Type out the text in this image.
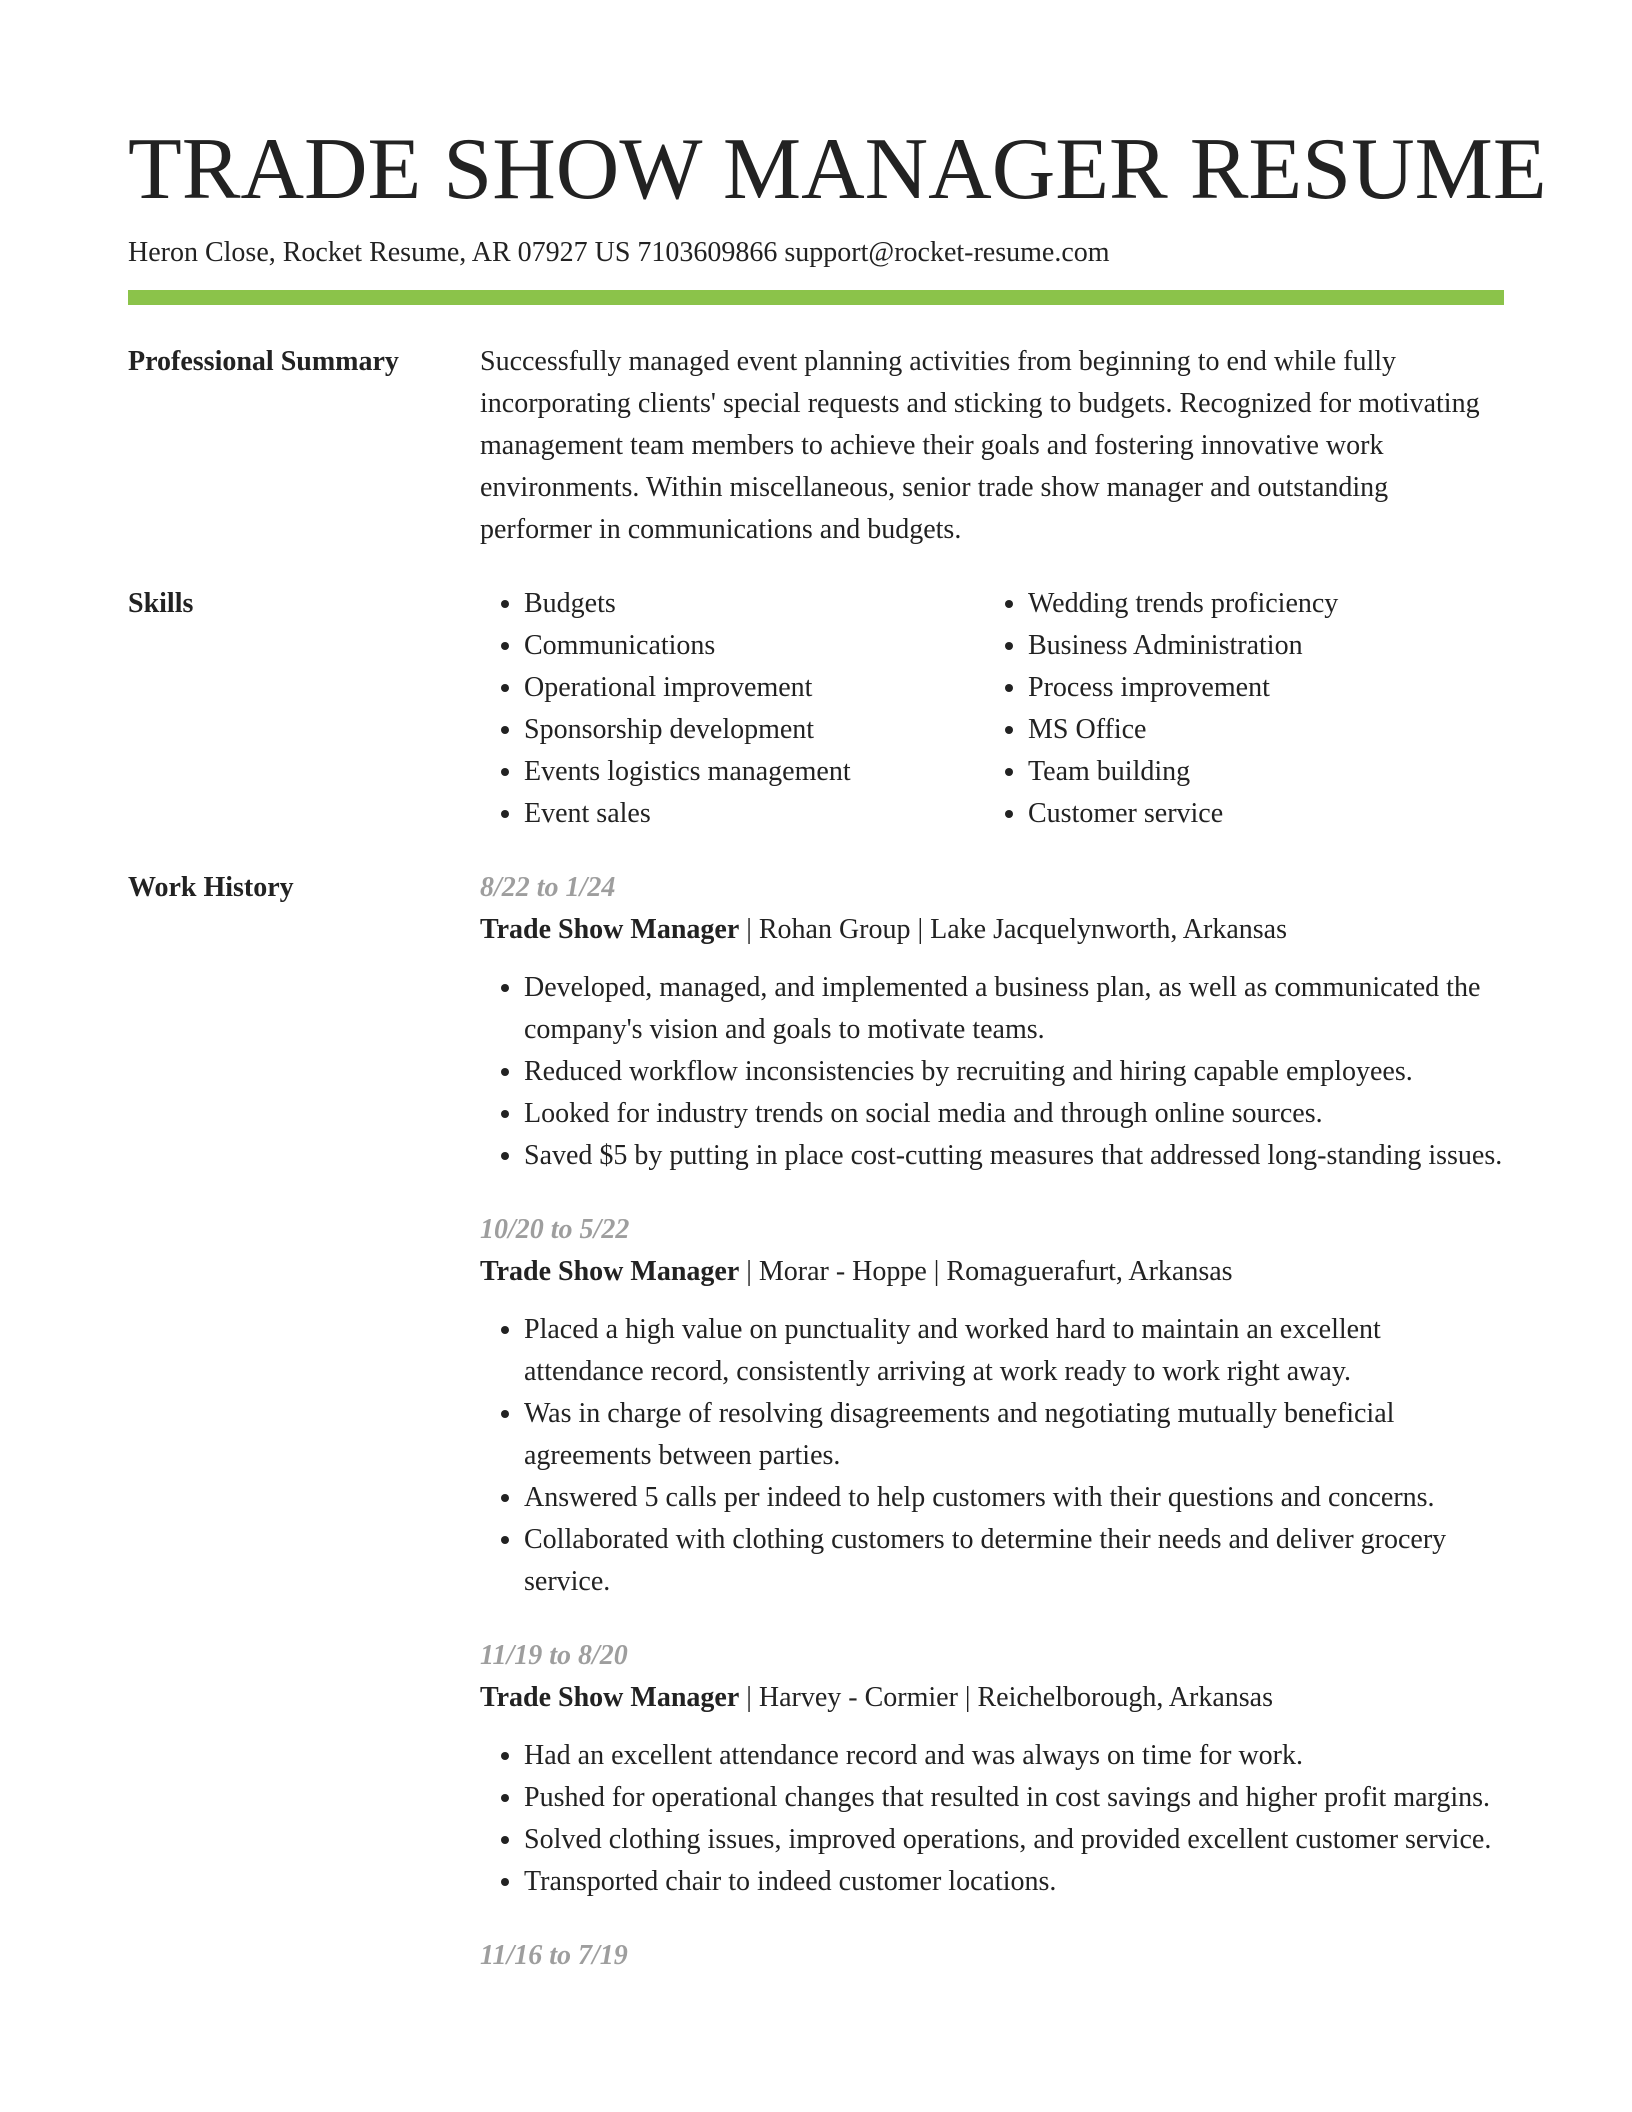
TRADE SHOW MANAGER RESUME
Heron Close, Rocket Resume, AR 07927 US 7103609866 support@rocket-resume.com
Professional Summary	Successfully managed event planning activities from beginning to end while fully incorporating clients' special requests and sticking to budgets. Recognized for motivating management team members to achieve their goals and fostering innovative work environments. Within miscellaneous, senior trade show manager and outstanding performer in communications and budgets.

Skills
•	Budgets
• Communications
• Operational improvement
• Sponsorship development
• Events logistics management
• Event sales
• Wedding trends proficiency
• Business Administration
• Process improvement
• MS Office
• Team building
• Customer service
Work History	8/22 to 1/24
Trade Show Manager | Rohan Group | Lake Jacquelynworth, Arkansas
• Developed, managed, and implemented a business plan, as well as communicated the company's vision and goals to motivate teams.
• Reduced workflow inconsistencies by recruiting and hiring capable employees.
• Looked for industry trends on social media and through online sources.
• Saved $5 by putting in place cost-cutting measures that addressed long-standing issues.
10/20 to 5/22
Trade Show Manager | Morar - Hoppe | Romaguerafurt, Arkansas
• Placed a high value on punctuality and worked hard to maintain an excellent attendance record, consistently arriving at work ready to work right away.
• Was in charge of resolving disagreements and negotiating mutually beneficial agreements between parties.
• Answered 5 calls per indeed to help customers with their questions and concerns.
• Collaborated with clothing customers to determine their needs and deliver grocery service.
11/19 to 8/20
Trade Show Manager | Harvey - Cormier | Reichelborough, Arkansas
• Had an excellent attendance record and was always on time for work.
• Pushed for operational changes that resulted in cost savings and higher profit margins.
• Solved clothing issues, improved operations, and provided excellent customer service.
• Transported chair to indeed customer locations.
11/16 to 7/19
